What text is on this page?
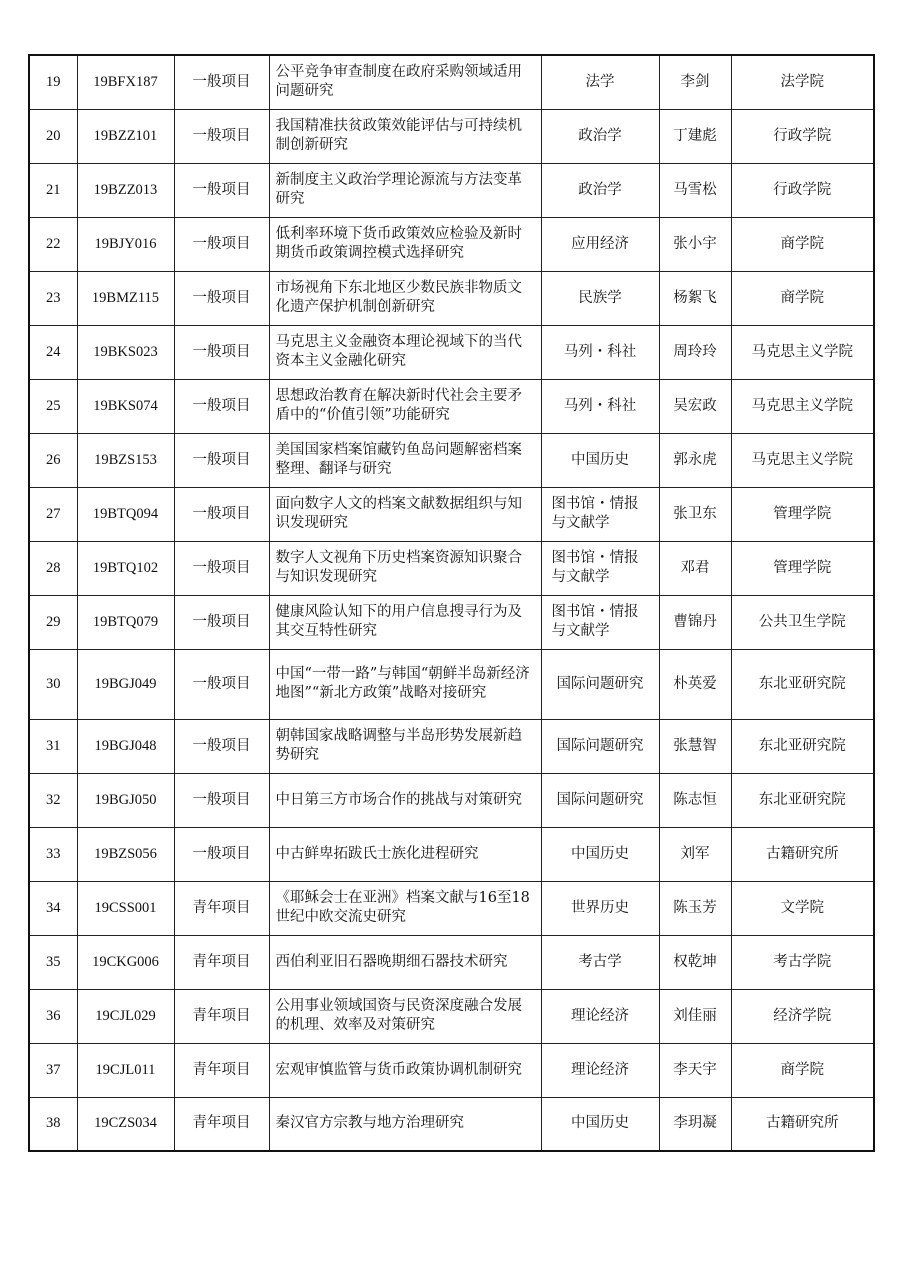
19	19BFX187	一般项目	公平竞争审查制度在政府采购领域适用问题研究	法学	李剑	法学院
20	19BZZ101	一般项目	我国精准扶贫政策效能评估与可持续机制创新研究	政治学	丁建彪	行政学院
21	19BZZ013	一般项目	新制度主义政治学理论源流与方法变革研究	政治学	马雪松	行政学院
22	19BJY016	一般项目	低利率环境下货币政策效应检验及新时期货币政策调控模式选择研究	应用经济	张小宇	商学院
23	19BMZ115	一般项目	市场视角下东北地区少数民族非物质文化遗产保护机制创新研究	民族学	杨絮飞	商学院
24	19BKS023	一般项目	马克思主义金融资本理论视域下的当代资本主义金融化研究	马列・科社	周玲玲	马克思主义学院
25	19BKS074	一般项目	思想政治教育在解决新时代社会主要矛盾中的“价值引领”功能研究	马列・科社	吴宏政	马克思主义学院
26	19BZS153	一般项目	美国国家档案馆藏钓鱼岛问题解密档案整理、翻译与研究	中国历史	郭永虎	马克思主义学院
27	19BTQ094	一般项目	面向数字人文的档案文献数据组织与知识发现研究	图书馆・情报与文献学	张卫东	管理学院
28	19BTQ102	一般项目	数字人文视角下历史档案资源知识聚合与知识发现研究	图书馆・情报与文献学	邓君	管理学院
29	19BTQ079	一般项目	健康风险认知下的用户信息搜寻行为及其交互特性研究	图书馆・情报与文献学	曹锦丹	公共卫生学院
30	19BGJ049	一般项目	中国“一带一路”与韩国“朝鲜半岛新经济地图”“新北方政策”战略对接研究	国际问题研究	朴英爱	东北亚研究院
31	19BGJ048	一般项目	朝韩国家战略调整与半岛形势发展新趋势研究	国际问题研究	张慧智	东北亚研究院
32	19BGJ050	一般项目	中日第三方市场合作的挑战与对策研究	国际问题研究	陈志恒	东北亚研究院
33	19BZS056	一般项目	中古鲜卑拓跋氏士族化进程研究	中国历史	刘军	古籍研究所
34	19CSS001	青年项目	《耶稣会士在亚洲》档案文献与16至18世纪中欧交流史研究	世界历史	陈玉芳	文学院
35	19CKG006	青年项目	西伯利亚旧石器晚期细石器技术研究	考古学	权乾坤	考古学院
36	19CJL029	青年项目	公用事业领域国资与民资深度融合发展的机理、效率及对策研究	理论经济	刘佳丽	经济学院
37	19CJL011	青年项目	宏观审慎监管与货币政策协调机制研究	理论经济	李天宇	商学院
38	19CZS034	青年项目	秦汉官方宗教与地方治理研究	中国历史	李玥凝	古籍研究所
